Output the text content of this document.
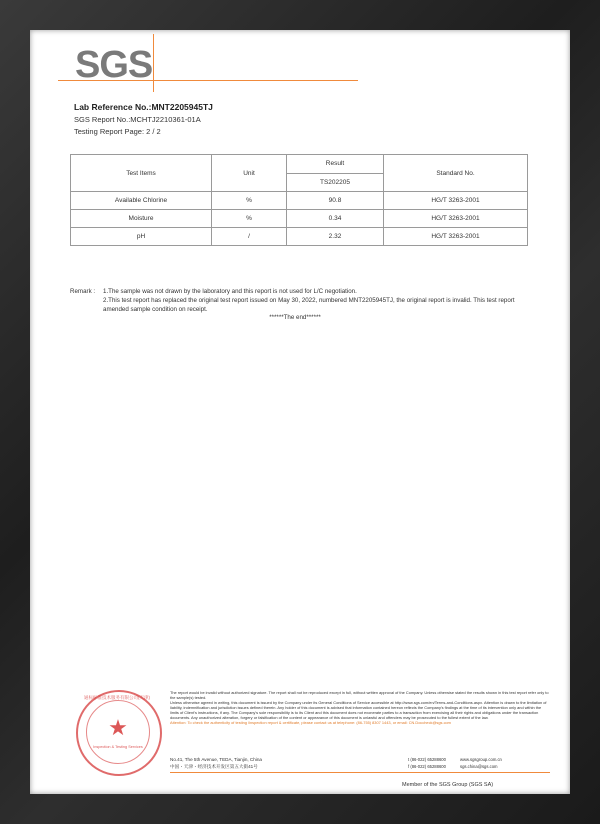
SGS
Lab Reference No.:MNT2205945TJ
SGS Report No.:MCHTJ2210361-01A
Testing Report Page: 2 / 2
Test Items	Unit	Result	Standard No.
		TS202205	
Available Chlorine	%	90.8	HG/T 3263-2001
Moisture	%	0.34	HG/T 3263-2001
pH	/	2.32	HG/T 3263-2001
Remark : 1.The sample was not drawn by the laboratory and this report is not used for L/C negotiation.
2.This test report has replaced the original test report issued on May 30, 2022, numbered MNT2205945TJ, the original report is invalid. This test report amended sample condition on receipt.
******The end******
通标标准技术服务有限公司(天津)
★
Inspection & Testing Services
The report would be invalid without authorized signature. The report shall not be reproduced except in full, without written approval of the Company. Unless otherwise stated the results shown in this test report refer only to the sample(s) tested.
Unless otherwise agreed in writing, this document is issued by the Company under its General Conditions of Service accessible at http://www.sgs.com/en/Terms-and-Conditions.aspx. Attention is drawn to the limitation of liability, indemnification and jurisdiction issues defined therein. Any holder of this document is advised that information contained hereon reflects the Company's findings at the time of its intervention only and within the limits of Client's instructions, if any. The Company's sole responsibility is to its Client and this document does not exonerate parties to a transaction from exercising all their rights and obligations under the transaction documents. Any unauthorized alteration, forgery or falsification of the content or appearance of this document is unlawful and offenders may be prosecuted to the fullest extent of the law.
Attention: To check the authenticity of testing /inspection report & certificate, please contact us at telephone: (86-755) 8307 1443, or email: CN.Doccheck@sgs.com
No.41, The 5th Avenue, TEDA, Tianjin, China
中国・天津・经济技术开发区第五大街41号
t (86-022) 65288600
f (86-022) 65288600
www.sgsgroup.com.cn
sgs.china@sgs.com
Member of the SGS Group (SGS SA)
